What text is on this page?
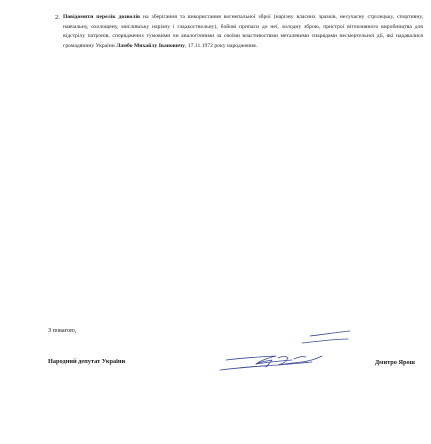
2. Повідомити перелік дозволів на зберігання та використання вогнепальної зброї (нарізну власних зразків, несучасну стрілецьку, спортивну, навчальну, охолощену, мисливську нарізну і гладкоствольну), бойові припаси до неї, холодну зброю, пристрої вітчизняного виробництва для відстрілу патронів, споряджених гумовими чи аналогічними за своїми властивостями металевими снарядами несмертельної дії, які надавалися громадянину України Ламбо Михайлу Івановичу, 17.11.1972 року народження.

З повагою,
Народний депутат України	Дмитро Ярош
